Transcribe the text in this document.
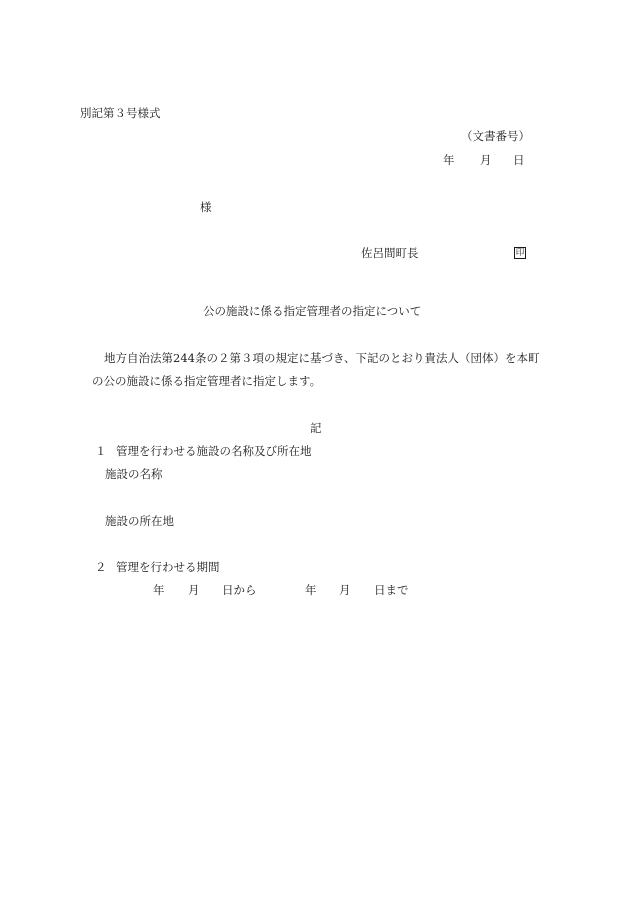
別記第３号様式
（文書番号）
年 月 日
様
佐呂間町長	印
公の施設に係る指定管理者の指定について
地方自治法第244条の２第３項の規定に基づき、下記のとおり貴法人（団体）を本町
の公の施設に係る指定管理者に指定します。
記
１ 管理を行わせる施設の名称及び所在地
施設の名称
施設の所在地
２ 管理を行わせる期間
年 月 日から	年 月 日まで
